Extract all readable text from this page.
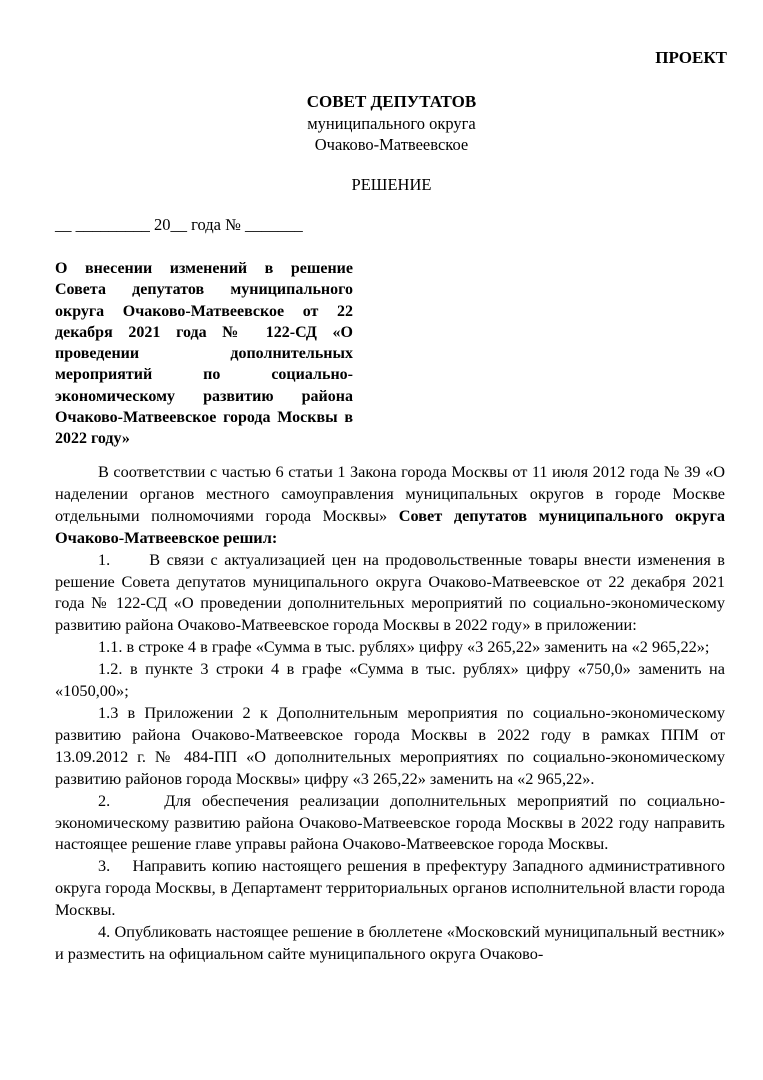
ПРОЕКТ
СОВЕТ ДЕПУТАТОВ
муниципального округа
Очаково-Матвеевское
РЕШЕНИЕ
__ _________ 20__ года № _______
О внесении изменений в решение Совета депутатов муниципального округа Очаково-Матвеевское от 22 декабря 2021 года № 122-СД «О проведении дополнительных мероприятий по социально-экономическому развитию района Очаково-Матвеевское города Москвы в 2022 году»

В соответствии с частью 6 статьи 1 Закона города Москвы от 11 июля 2012 года № 39 «О наделении органов местного самоуправления муниципальных округов в городе Москве отдельными полномочиями города Москвы» Совет депутатов муниципального округа Очаково-Матвеевское решил:

1.      В связи с актуализацией цен на продовольственные товары внести изменения в решение Совета депутатов муниципального округа Очаково-Матвеевское от 22 декабря 2021 года № 122-СД «О проведении дополнительных мероприятий по социально-экономическому развитию района Очаково-Матвеевское города Москвы в 2022 году» в приложении:

1.1. в строке 4 в графе «Сумма в тыс. рублях» цифру «3 265,22» заменить на «2 965,22»;

1.2. в пункте 3 строки 4 в графе «Сумма в тыс. рублях» цифру «750,0» заменить на «1050,00»;

1.3 в Приложении 2 к Дополнительным мероприятия по социально-экономическому развитию района Очаково-Матвеевское города Москвы в 2022 году в рамках ППМ от 13.09.2012 г. № 484-ПП «О дополнительных мероприятиях по социально-экономическому развитию районов города Москвы» цифру «3 265,22» заменить на «2 965,22».

2.     Для обеспечения реализации дополнительных мероприятий по социально-экономическому развитию района Очаково-Матвеевское города Москвы в 2022 году направить настоящее решение главе управы района Очаково-Матвеевское города Москвы.

3.    Направить копию настоящего решения в префектуру Западного административного округа города Москвы, в Департамент территориальных органов исполнительной власти города Москвы.

4. Опубликовать настоящее решение в бюллетене «Московский муниципальный вестник» и разместить на официальном сайте муниципального округа Очаково-
